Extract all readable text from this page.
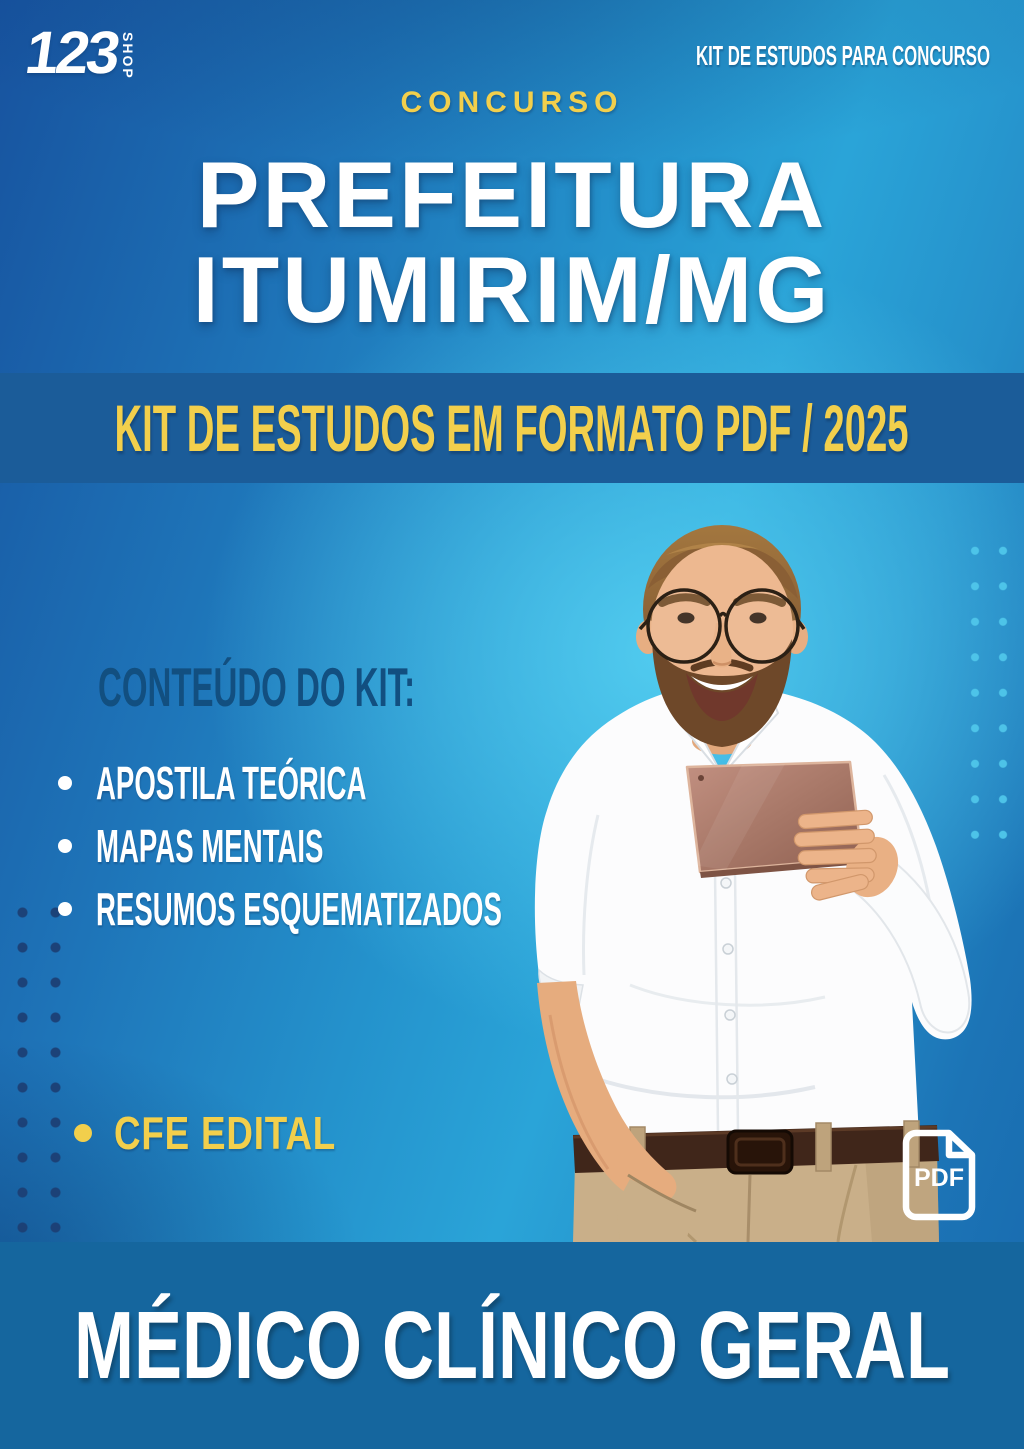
123
SHOP	KIT DE ESTUDOS PARA CONCURSO
CONCURSO
PREFEITURA
ITUMIRIM/MG
KIT DE ESTUDOS EM FORMATO PDF / 2025
CONTEÚDO DO KIT:
APOSTILA TEÓRICA
MAPAS MENTAIS
RESUMOS ESQUEMATIZADOS
CFE EDITAL
PDF
MÉDICO CLÍNICO GERAL
